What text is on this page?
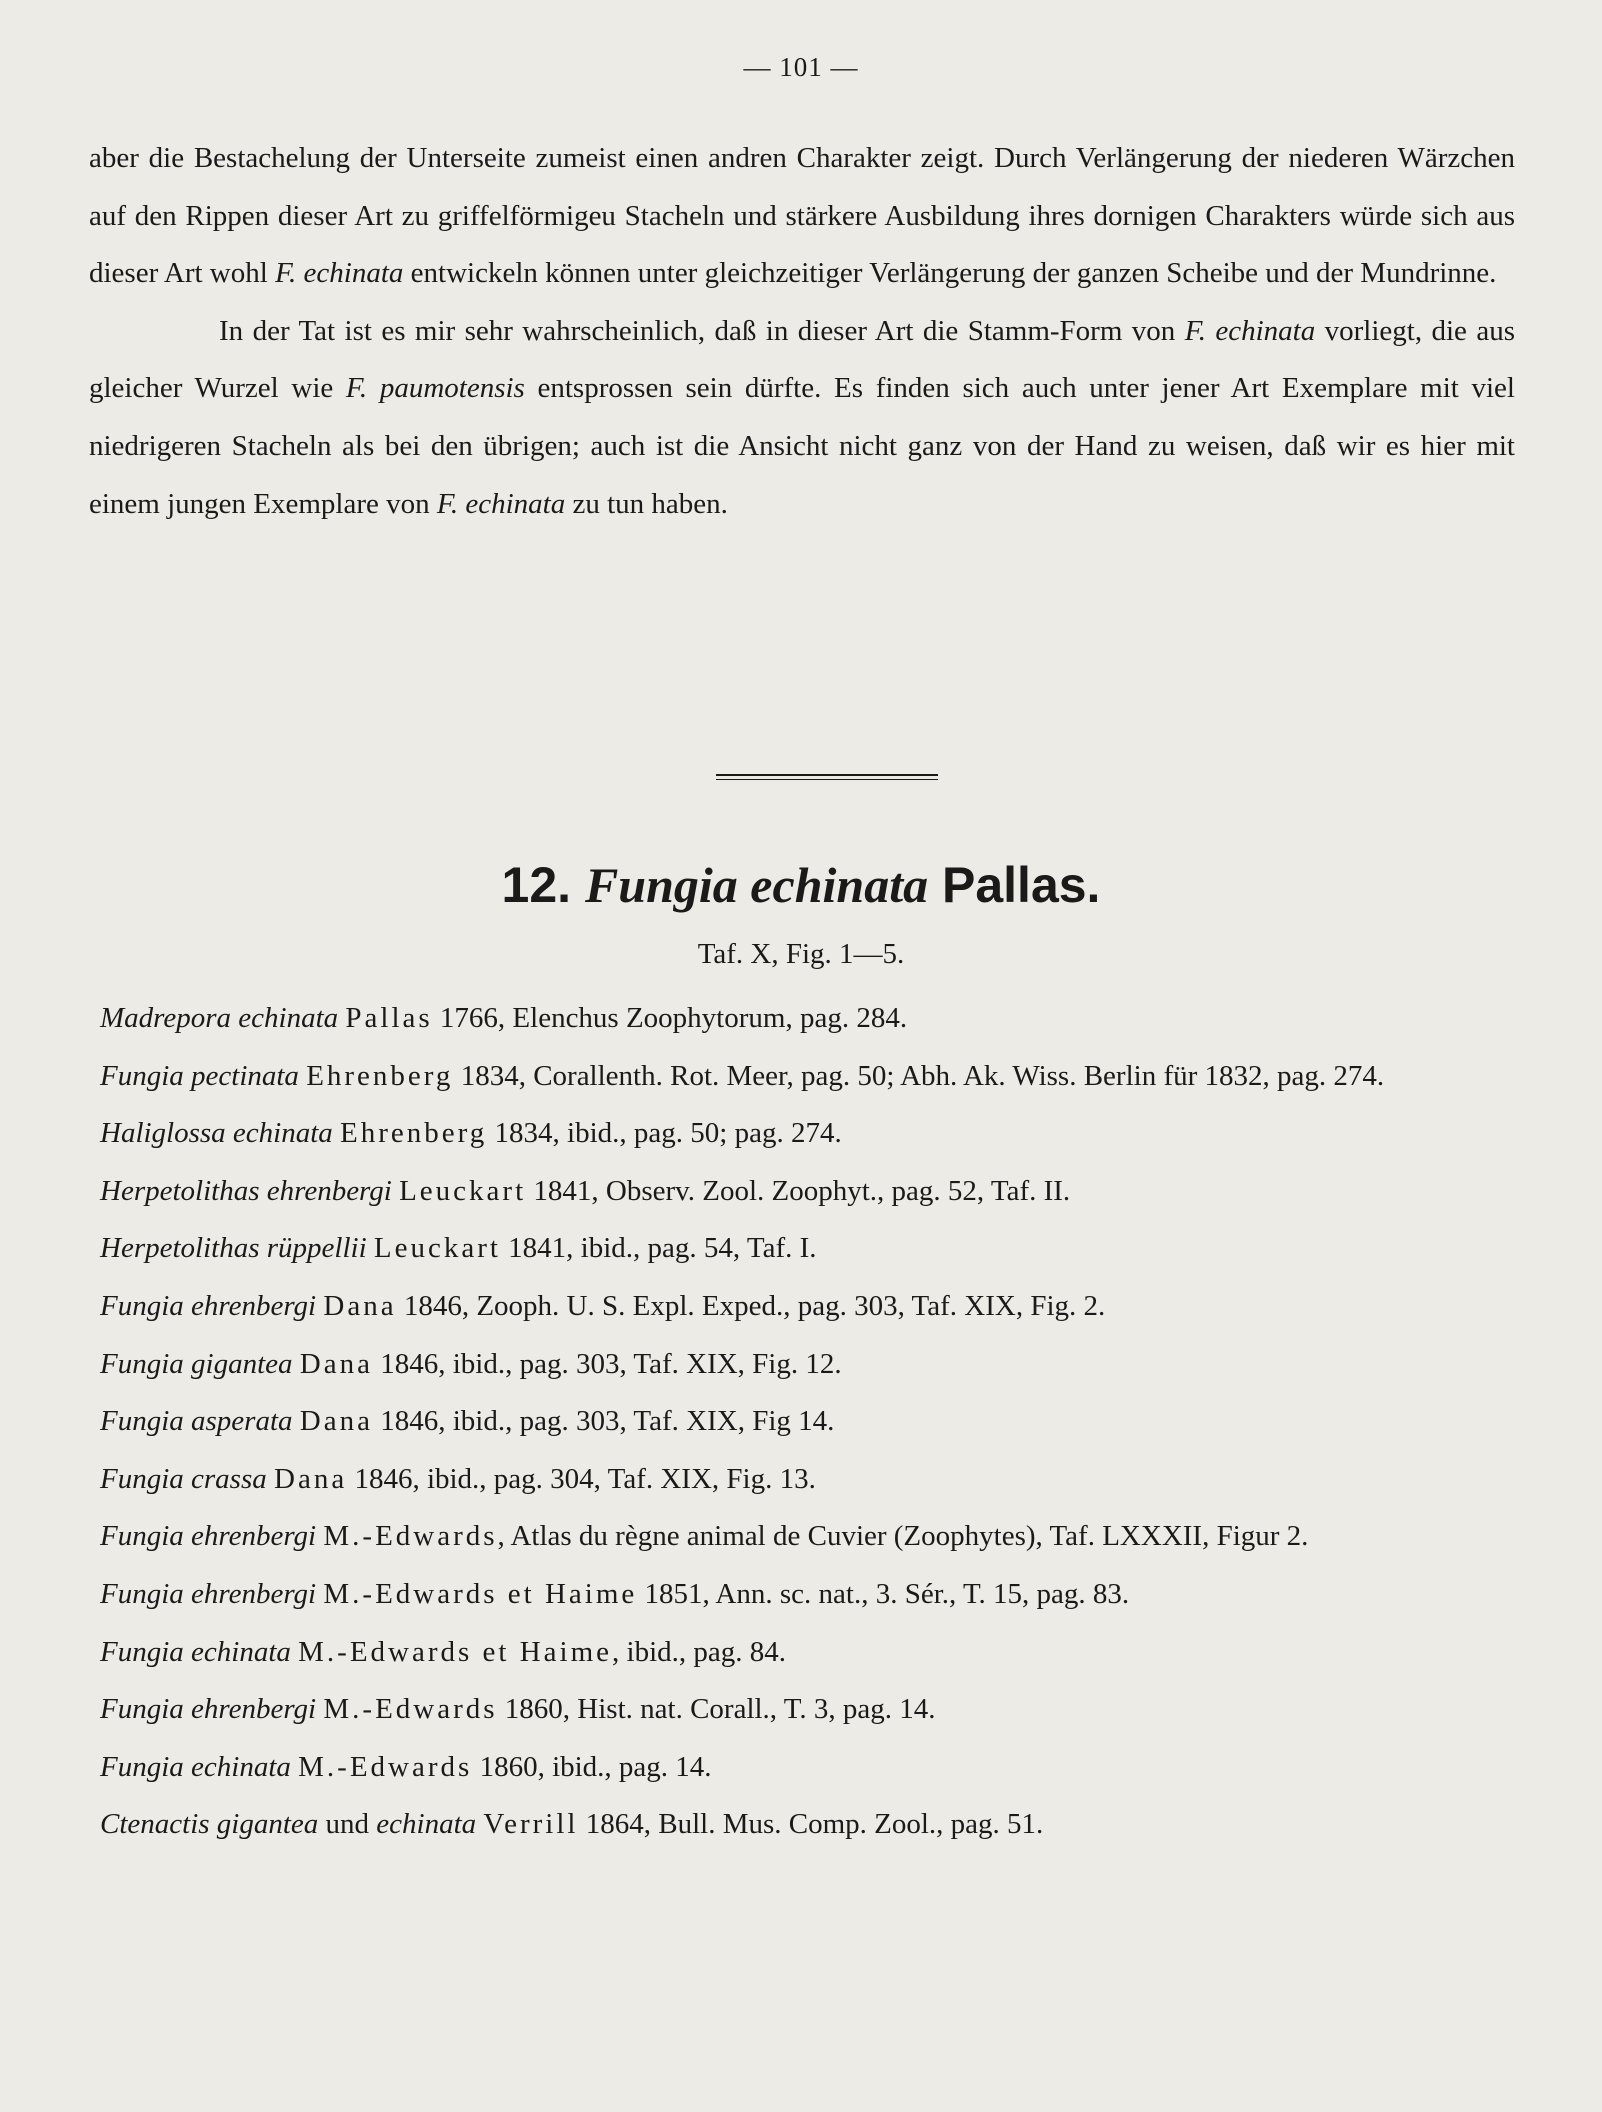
— 101 —

aber die Bestachelung der Unterseite zumeist einen andren Charakter zeigt. Durch Verlängerung der niederen Wärzchen auf den Rippen dieser Art zu griffelförmigeu Stacheln und stärkere Ausbildung ihres dornigen Charakters würde sich aus dieser Art wohl F. echinata entwickeln können unter gleichzeitiger Verlängerung der ganzen Scheibe und der Mundrinne.

In der Tat ist es mir sehr wahrscheinlich, daß in dieser Art die Stamm-Form von F. echinata vorliegt, die aus gleicher Wurzel wie F. paumotensis entsprossen sein dürfte. Es finden sich auch unter jener Art Exemplare mit viel niedrigeren Stacheln als bei den übrigen; auch ist die Ansicht nicht ganz von der Hand zu weisen, daß wir es hier mit einem jungen Exemplare von F. echinata zu tun haben.

12. Fungia echinata Pallas.
Taf. X, Fig. 1—5.

Madrepora echinata Pallas 1766, Elenchus Zoophytorum, pag. 284.

Fungia pectinata Ehrenberg 1834, Corallenth. Rot. Meer, pag. 50; Abh. Ak. Wiss. Berlin für 1832, pag. 274.

Haliglossa echinata Ehrenberg 1834, ibid., pag. 50; pag. 274.

Herpetolithas ehrenbergi Leuckart 1841, Observ. Zool. Zoophyt., pag. 52, Taf. II.

Herpetolithas rüppellii Leuckart 1841, ibid., pag. 54, Taf. I.

Fungia ehrenbergi Dana 1846, Zooph. U. S. Expl. Exped., pag. 303, Taf. XIX, Fig. 2.

Fungia gigantea Dana 1846, ibid., pag. 303, Taf. XIX, Fig. 12.

Fungia asperata Dana 1846, ibid., pag. 303, Taf. XIX, Fig 14.

Fungia crassa Dana 1846, ibid., pag. 304, Taf. XIX, Fig. 13.

Fungia ehrenbergi M.-Edwards, Atlas du règne animal de Cuvier (Zoophytes), Taf. LXXXII, Figur 2.

Fungia ehrenbergi M.-Edwards et Haime 1851, Ann. sc. nat., 3. Sér., T. 15, pag. 83.

Fungia echinata M.-Edwards et Haime, ibid., pag. 84.

Fungia ehrenbergi M.-Edwards 1860, Hist. nat. Corall., T. 3, pag. 14.

Fungia echinata M.-Edwards 1860, ibid., pag. 14.

Ctenactis gigantea und echinata Verrill 1864, Bull. Mus. Comp. Zool., pag. 51.
